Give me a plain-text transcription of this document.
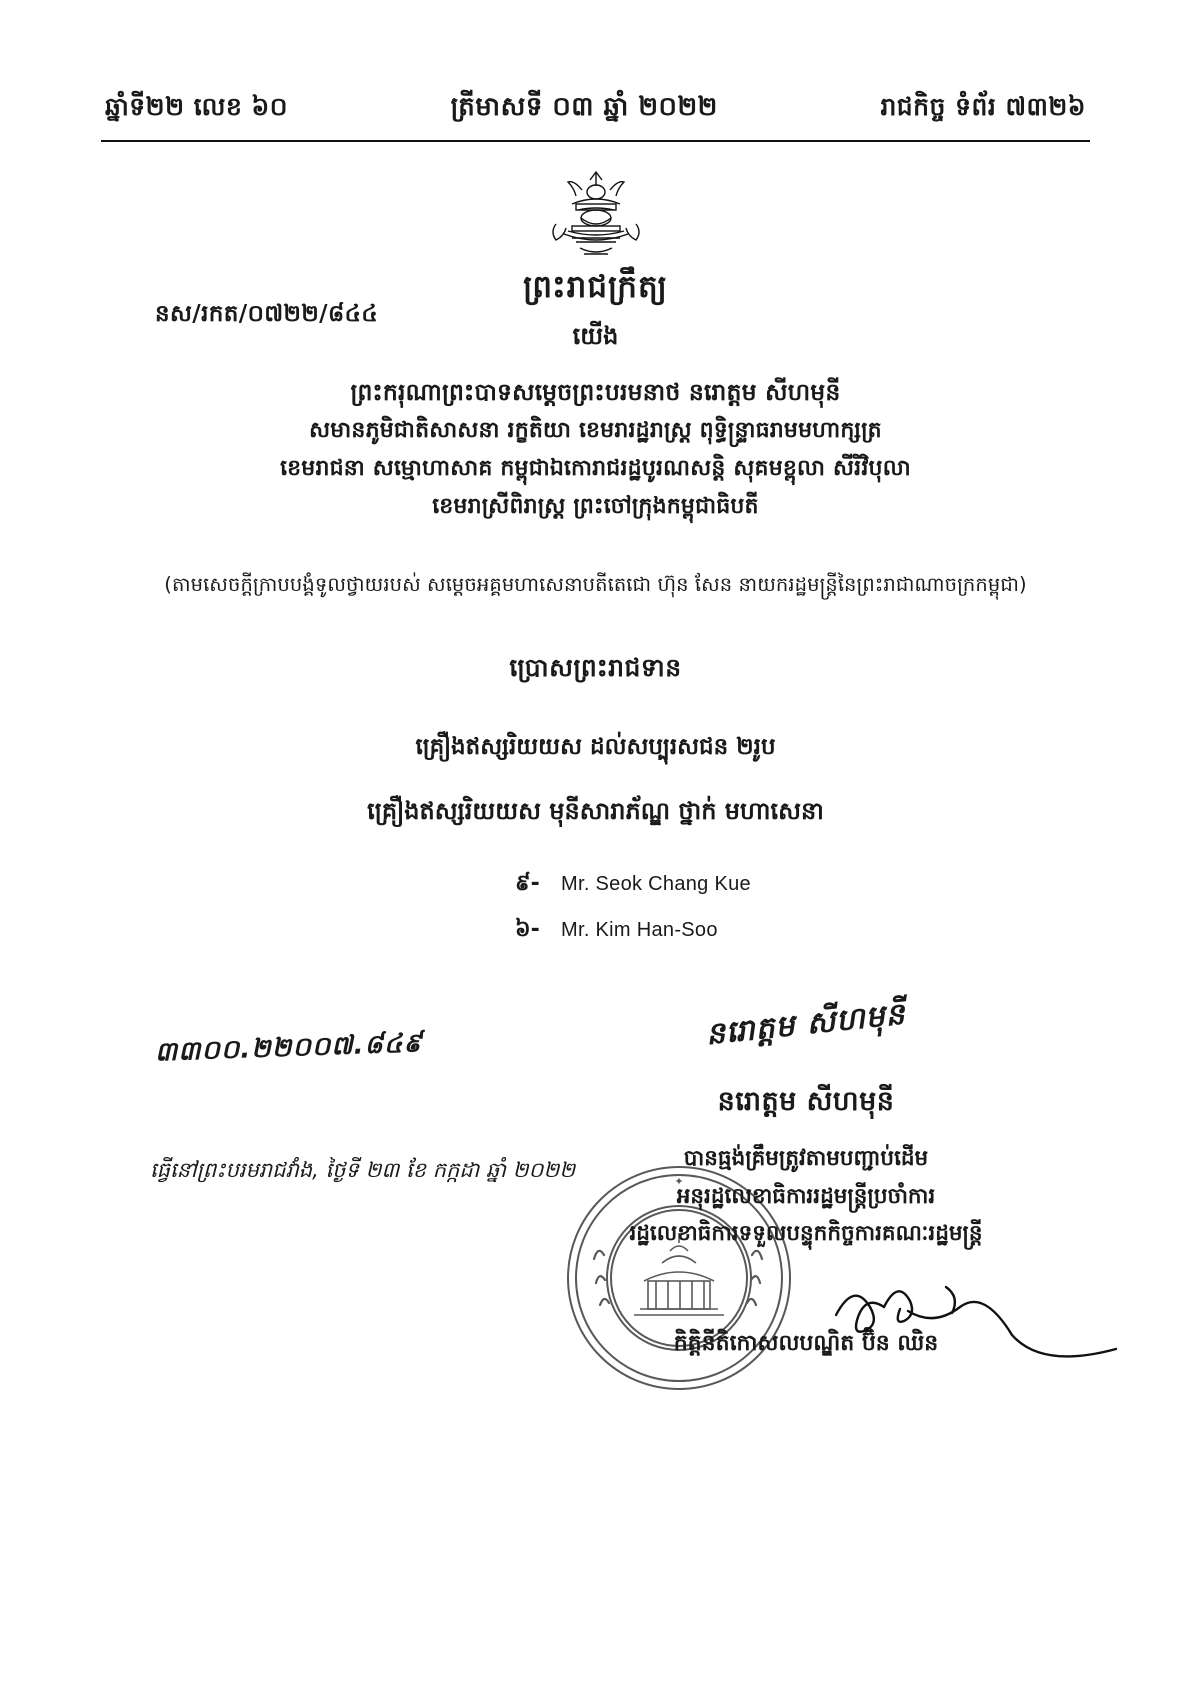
ឆ្នាំទី២២ លេខ ៦០	ត្រីមាសទី ០៣ ឆ្នាំ ២០២២	រាជកិច្ច ទំព័រ ៧៣២៦
ព្រះរាជក្រឹត្យ
យើង
នស/រកត/០៧២២/៨៤៤
ព្រះករុណាព្រះបាទសម្តេចព្រះបរមនាថ នរោត្តម សីហមុនី
សមានភូមិជាតិសាសនា រក្ខតិយា ខេមរារដ្ឋរាស្ត្រ ពុទ្ធិន្ទ្រាធរាមមហាក្សត្រ
ខេមរាជនា សម្មោហាសាគ កម្ពុជាឯកោរាជរដ្ឋបូរណសន្តិ សុគមខ្ពុលា សីរិវិបុលា
ខេមរាស្រីពិរាស្ត្រ ព្រះចៅក្រុងកម្ពុជាធិបតី
(តាមសេចក្តីក្រាបបង្គំទូលថ្វាយរបស់ សម្តេចអគ្គមហាសេនាបតីតេជោ ហ៊ុន សែន នាយករដ្ឋមន្ត្រីនៃព្រះរាជាណាចក្រកម្ពុជា)
ប្រោសព្រះរាជទាន
គ្រឿងឥស្សរិយយស ដល់សប្បុរសជន ២រូប
គ្រឿងឥស្សរិយយស មុនីសារាភ័ណ្ឌ ថ្នាក់ មហាសេនា
៩-	Mr. Seok Chang Kue
៦-	Mr. Kim Han-Soo
៣៣០០.២២០០៧.៨៤៩
ធ្វើនៅព្រះបរមរាជវាំង, ថ្ងៃទី ២៣ ខែ កក្កដា ឆ្នាំ ២០២២
នរោត្តម សីហមុនី
នរោត្តម សីហមុនី
បានធ្មង់គ្រឹមត្រូវតាមបញ្ជាប់ដើម
អនុរដ្ឋលេខាធិការរដ្ឋមន្ត្រីប្រចាំការ
រដ្ឋលេខាធិការទទួលបន្ទុកកិច្ចការគណៈរដ្ឋមន្ត្រី
កិត្តិនីតិកោសលបណ្ឌិត ប៊ិន ឈិន
✦
